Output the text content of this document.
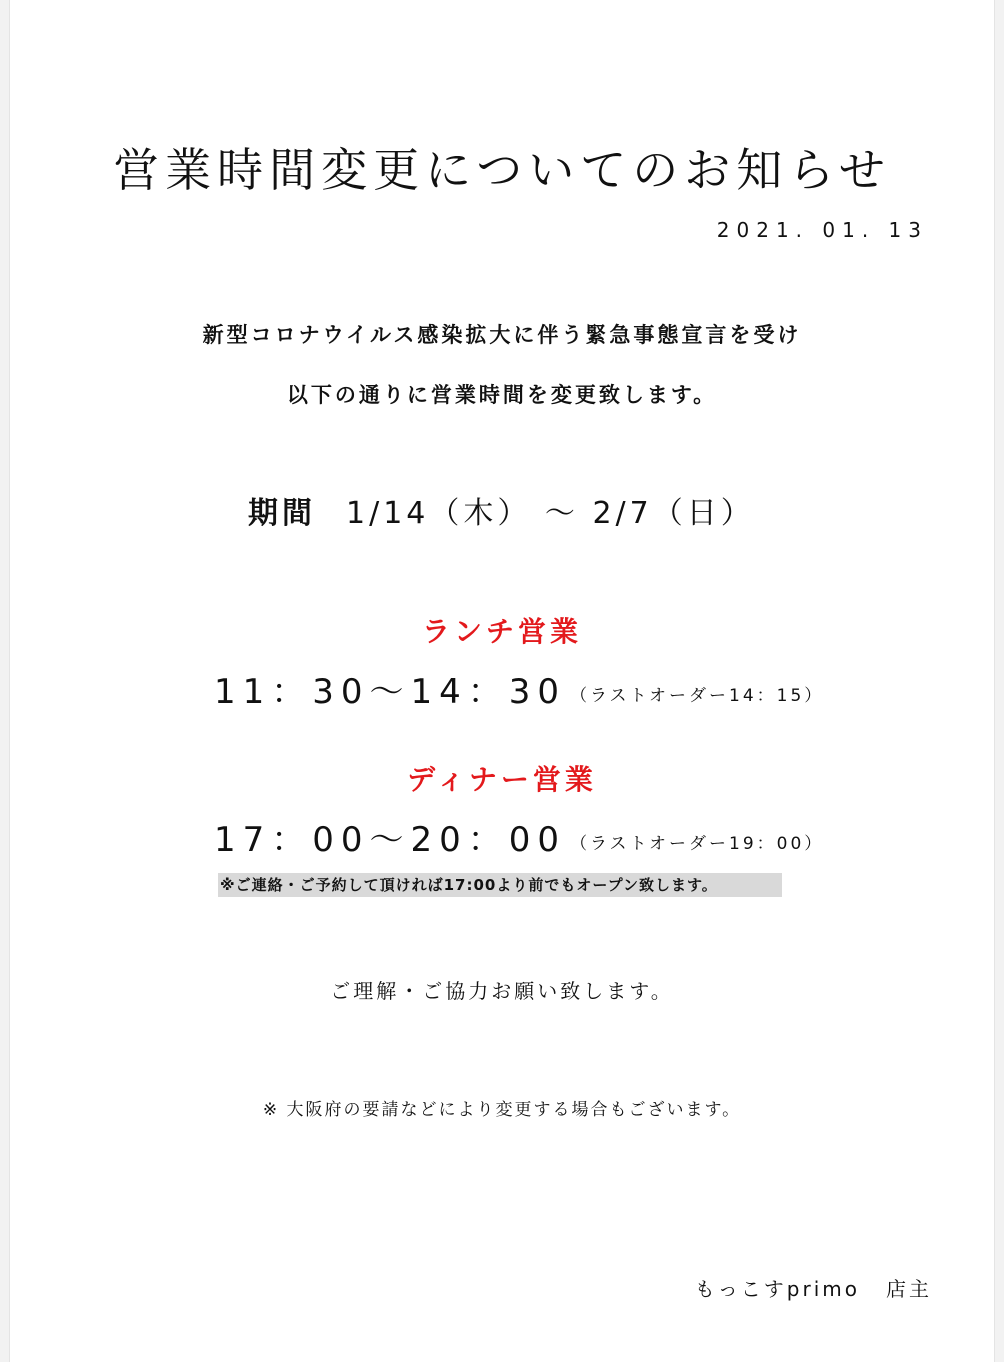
営業時間変更についてのお知らせ
2021. 01. 13
新型コロナウイルス感染拡大に伴う緊急事態宣言を受け
以下の通りに営業時間を変更致します。
期間 1/14（木） ～ 2/7（日）
ランチ営業
11：30～14：30 （ラストオーダー14：15）
ディナー営業
17：00～20：00 （ラストオーダー19：00）
※ご連絡・ご予約して頂ければ17:00より前でもオープン致します。
ご理解・ご協力お願い致します。
※ 大阪府の要請などにより変更する場合もございます。
もっこすprimo 店主
